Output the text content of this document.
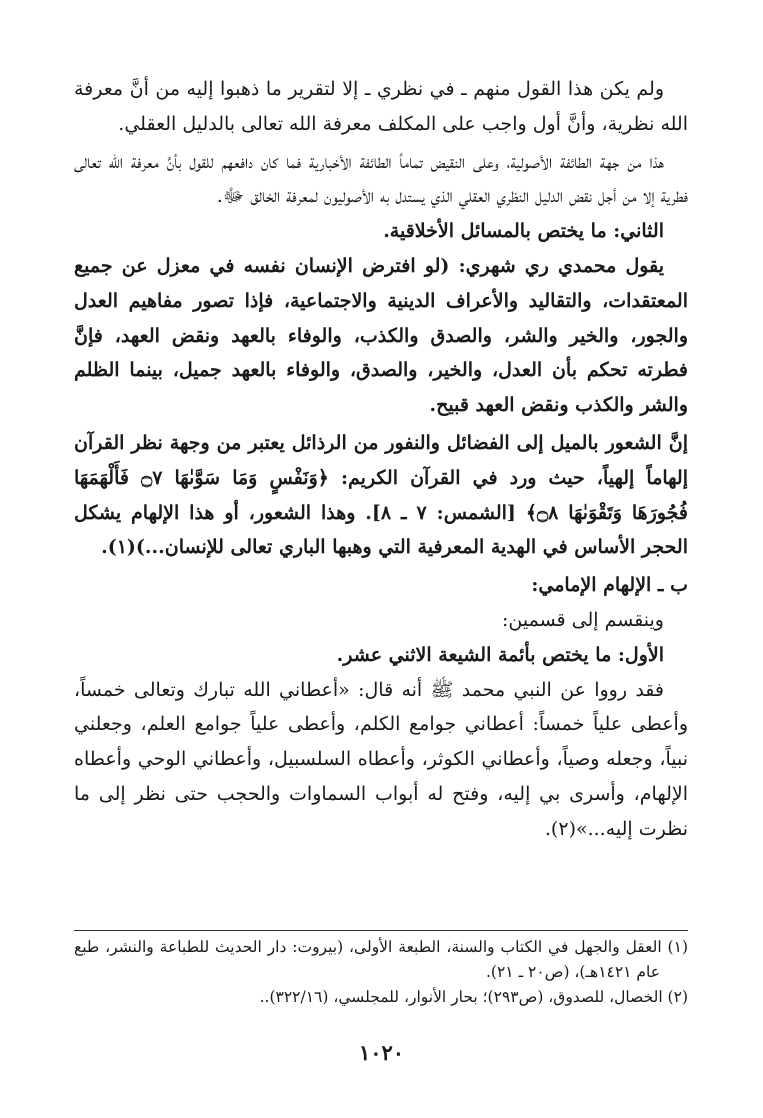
ولم يكن هذا القول منهم ـ في نظري ـ إلا لتقرير ما ذهبوا إليه من أنَّ معرفة الله نظرية، وأنَّ أول واجب على المكلف معرفة الله تعالى بالدليل العقلي.

هذا من جهة الطائفة الأصولية، وعلى النقيض تماماً الطائفة الأخبارية فما كان دافعهم للقول بأنَّ معرفة الله تعالى فطرية إلا من أجل نقض الدليل النظري العقلي الذي يستدل به الأصوليون لمعرفة الخالق ﷻ.

الثاني: ما يختص بالمسائل الأخلاقية.

يقول محمدي ري شهري: (لو افترض الإنسان نفسه في معزل عن جميع المعتقدات، والتقاليد والأعراف الدينية والاجتماعية، فإذا تصور مفاهيم العدل والجور، والخير والشر، والصدق والكذب، والوفاء بالعهد ونقض العهد، فإنَّ فطرته تحكم بأن العدل، والخير، والصدق، والوفاء بالعهد جميل، بينما الظلم والشر والكذب ونقض العهد قبيح.

إنَّ الشعور بالميل إلى الفضائل والنفور من الرذائل يعتبر من وجهة نظر القرآن إلهاماً إلهياً، حيث ورد في القرآن الكريم: ﴿وَنَفْسٍ وَمَا سَوَّىٰهَا ۝٧ فَأَلْهَمَهَا فُجُورَهَا وَتَقْوَىٰهَا ۝٨﴾ [الشمس: ٧ ـ ٨]. وهذا الشعور، أو هذا الإلهام يشكل الحجر الأساس في الهدية المعرفية التي وهبها الباري تعالى للإنسان...)(١).

ب ـ الإلهام الإمامي:

وينقسم إلى قسمين:

الأول: ما يختص بأئمة الشيعة الاثني عشر.

فقد رووا عن النبي محمد ﷺ أنه قال: «أعطاني الله تبارك وتعالى خمساً، وأعطى علياً خمساً: أعطاني جوامع الكلم، وأعطى علياً جوامع العلم، وجعلني نبياً، وجعله وصياً، وأعطاني الكوثر، وأعطاه السلسبيل، وأعطاني الوحي وأعطاه الإلهام، وأسرى بي إليه، وفتح له أبواب السماوات والحجب حتى نظر إلى ما نظرت إليه...»(٢).

(١) العقل والجهل في الكتاب والسنة، الطبعة الأولى، (بيروت: دار الحديث للطباعة والنشر، طبع عام ١٤٢١هـ)، (ص٢٠ ـ ٢١).

(٢) الخصال، للصدوق، (ص٢٩٣)؛ بحار الأنوار، للمجلسي، (٣٢٢/١٦)..

١٠٢٠
